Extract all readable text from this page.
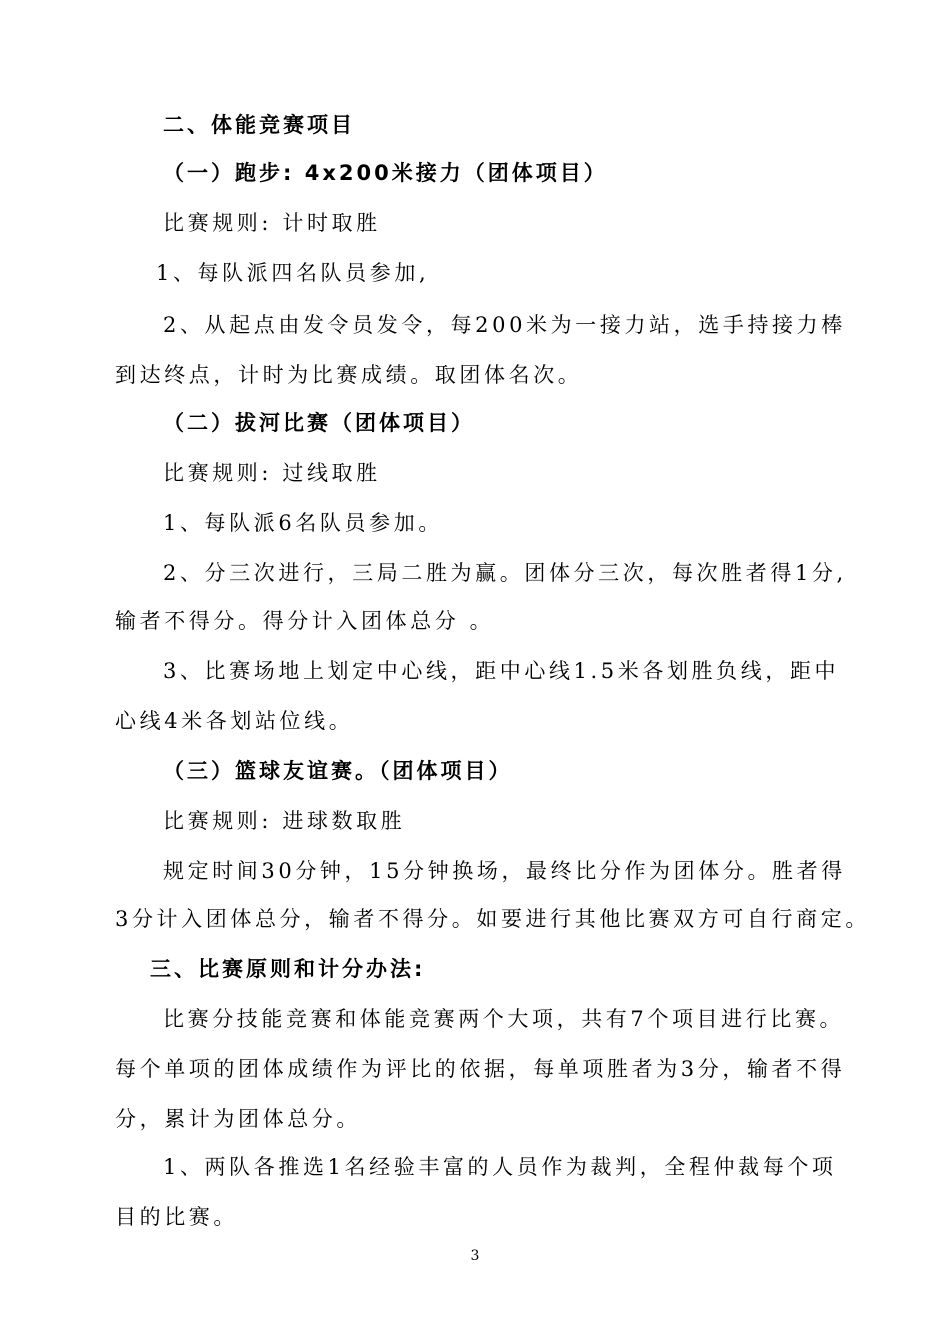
二、体能竞赛项目
（一）跑步: 4x200米接力（团体项目）
比赛规则: 计时取胜
1、每队派四名队员参加,
2、从起点由发令员发令，每200米为一接力站，选手持接力棒
到达终点，计时为比赛成绩。取团体名次。
（二）拔河比赛（团体项目）
比赛规则: 过线取胜
1、每队派6名队员参加。
2、分三次进行，三局二胜为赢。团体分三次，每次胜者得1分,
输者不得分。得分计入团体总分 。
3、比赛场地上划定中心线，距中心线1.5米各划胜负线，距中
心线4米各划站位线。
（三）篮球友谊赛。（团体项目）
比赛规则: 进球数取胜
规定时间30分钟，15分钟换场，最终比分作为团体分。胜者得
3分计入团体总分，输者不得分。如要进行其他比赛双方可自行商定。
三、比赛原则和计分办法:
比赛分技能竞赛和体能竞赛两个大项，共有7个项目进行比赛。
每个单项的团体成绩作为评比的依据，每单项胜者为3分，输者不得
分，累计为团体总分。
1、两队各推选1名经验丰富的人员作为裁判，全程仲裁每个项
目的比赛。
3
